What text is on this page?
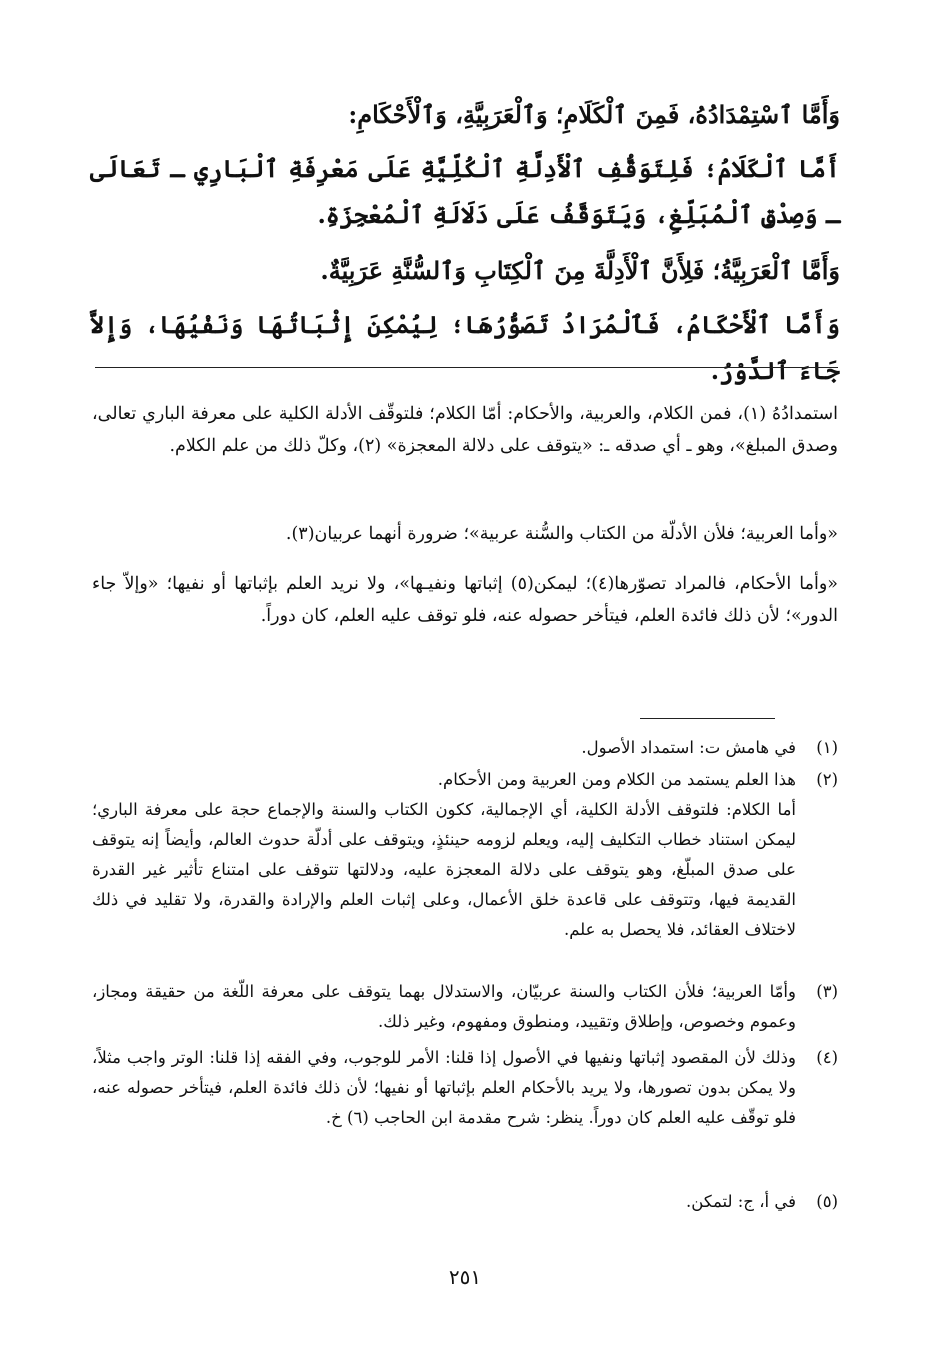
وَأَمَّا ٱسْتِمْدَادُهُ، فَمِنَ ٱلْكَلَامِ؛ وَٱلْعَرَبِيَّةِ، وَٱلْأَحْكَامِ:

أَمَّا ٱلْكَلَامُ؛ فَلِتَوَقُّفِ ٱلْأَدِلَّةِ ٱلْكُلِّيَّةِ عَلَى مَعْرِفَةِ ٱلْبَارِي ـ تَعَالَى ـ وَصِدْقِ ٱلْمُبَلِّغِ، وَيَتَوَقَّفُ عَلَى دَلَالَةِ ٱلْمُعْجِزَةِ.

وَأَمَّا ٱلْعَرَبِيَّةُ؛ فَلِأَنَّ ٱلْأَدِلَّةَ مِنَ ٱلْكِتَابِ وَٱلسُّنَّةِ عَرَبِيَّةٌ.

وَأَمَّا ٱلْأَحْكَامُ، فَٱلْمُرَادُ تَصَوُّرُهَا؛ لِيُمْكِنَ إِثْبَاتُهَا وَنَفْيُهَا، وَإِلاَّ جَاءَ ٱلدَّوْرُ.

استمدادُهُ (١)، فمن الكلام، والعربية، والأحكام: أمّا الكلام؛ فلتوقّف الأدلة الكلية على معرفة الباري تعالى، وصدق المبلغ»، وهو ـ أي صدقه ـ: «يتوقف على دلالة المعجزة» (٢)، وكلّ ذلك من علم الكلام.

«وأما العربية؛ فلأن الأدلّة من الكتاب والسُّنة عربية»؛ ضرورة أنهما عربيان(٣).

«وأما الأحكام، فالمراد تصوّرها(٤)؛ ليمكن(٥) إثباتها ونفيـها»، ولا نريد العلم بإثباتها أو نفيها؛ «وإلاّ جاء الدور»؛ لأن ذلك فائدة العلم، فيتأخر حصوله عنه، فلو توقف عليه العلم، كان دوراً.

(١)

في هامش ت: استمداد الأصول.

(٢)

هذا العلم يستمد من الكلام ومن العربية ومن الأحكام.

أما الكلام: فلتوقف الأدلة الكلية، أي الإجمالية، ككون الكتاب والسنة والإجماع حجة على معرفة الباري؛ ليمكن استناد خطاب التكليف إليه، ويعلم لزومه حينئذٍ، ويتوقف على أدلّة حدوث العالم، وأيضاً إنه يتوقف على صدق المبلّغ، وهو يتوقف على دلالة المعجزة عليه، ودلالتها تتوقف على امتناع تأثير غير القدرة القديمة فيها، وتتوقف على قاعدة خلق الأعمال، وعلى إثبات العلم والإرادة والقدرة، ولا تقليد في ذلك لاختلاف العقائد، فلا يحصل به علم.

(٣)

وأمّا العربية؛ فلأن الكتاب والسنة عربيّان، والاستدلال بهما يتوقف على معرفة اللّغة من حقيقة ومجاز، وعموم وخصوص، وإطلاق وتقييد، ومنطوق ومفهوم، وغير ذلك.

(٤)

وذلك لأن المقصود إثباتها ونفيها في الأصول إذا قلنا: الأمر للوجوب، وفي الفقه إذا قلنا: الوتر واجب مثلاً، ولا يمكن بدون تصورها، ولا يريد بالأحكام العلم بإثباتها أو نفيها؛ لأن ذلك فائدة العلم، فيتأخر حصوله عنه، فلو توقّف عليه العلم كان دوراً. ينظر: شرح مقدمة ابن الحاجب (٦) خ.

(٥)

في أ، ج: لتمكن.

٢٥١
